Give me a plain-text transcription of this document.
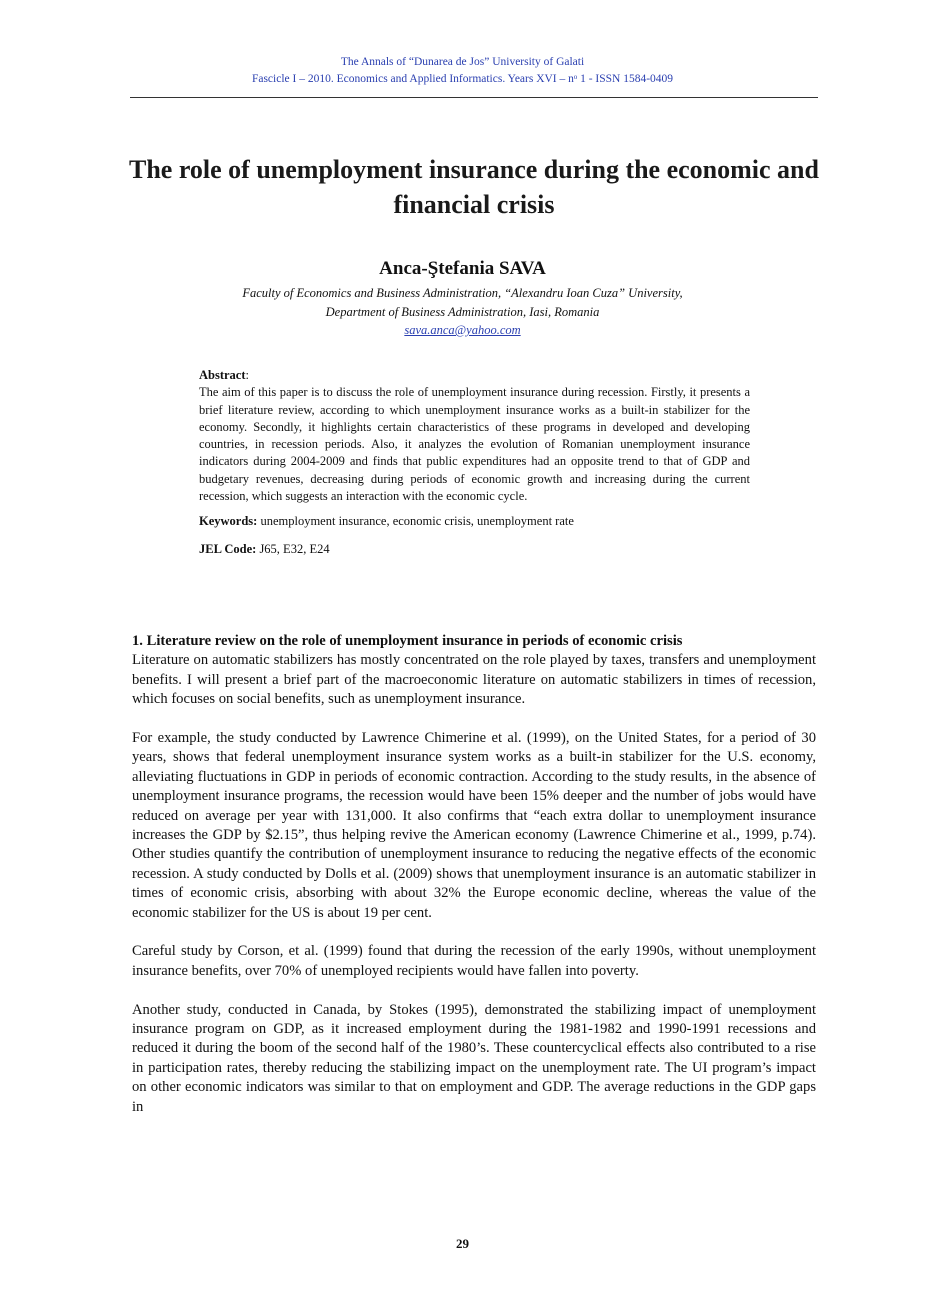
The Annals of “Dunarea de Jos” University of Galati
Fascicle I – 2010. Economics and Applied Informatics. Years XVI – nᵒ 1 - ISSN 1584-0409
The role of unemployment insurance during the economic and financial crisis
Anca-Ştefania SAVA
Faculty of Economics and Business Administration, “Alexandru Ioan Cuza” University,
Department of Business Administration, Iasi, Romania
sava.anca@yahoo.com

Abstract:

The aim of this paper is to discuss the role of unemployment insurance during recession. Firstly, it presents a brief literature review, according to which unemployment insurance works as a built-in stabilizer for the economy. Secondly, it highlights certain characteristics of these programs in developed and developing countries, in recession periods. Also, it analyzes the evolution of Romanian unemployment insurance indicators during 2004-2009 and finds that public expenditures had an opposite trend to that of GDP and budgetary revenues, decreasing during periods of economic growth and increasing during the current recession, which suggests an interaction with the economic cycle.

Keywords: unemployment insurance, economic crisis, unemployment rate

JEL Code: J65, E32, E24

1. Literature review on the role of unemployment insurance in periods of economic crisis

Literature on automatic stabilizers has mostly concentrated on the role played by taxes, transfers and unemployment benefits. I will present a brief part of the macroeconomic literature on automatic stabilizers in times of recession, which focuses on social benefits, such as unemployment insurance.

For example, the study conducted by Lawrence Chimerine et al. (1999), on the United States, for a period of 30 years, shows that federal unemployment insurance system works as a built-in stabilizer for the U.S. economy, alleviating fluctuations in GDP in periods of economic contraction. According to the study results, in the absence of unemployment insurance programs, the recession would have been 15% deeper and the number of jobs would have reduced on average per year with 131,000. It also confirms that “each extra dollar to unemployment insurance increases the GDP by $2.15”, thus helping revive the American economy (Lawrence Chimerine et al., 1999, p.74). Other studies quantify the contribution of unemployment insurance to reducing the negative effects of the economic recession. A study conducted by Dolls et al. (2009) shows that unemployment insurance is an automatic stabilizer in times of economic crisis, absorbing with about 32% the Europe economic decline, whereas the value of the economic stabilizer for the US is about 19 per cent.

Careful study by Corson, et al. (1999) found that during the recession of the early 1990s, without unemployment insurance benefits, over 70% of unemployed recipients would have fallen into poverty.

Another study, conducted in Canada, by Stokes (1995), demonstrated the stabilizing impact of unemployment insurance program on GDP, as it increased employment during the 1981-1982 and 1990-1991 recessions and reduced it during the boom of the second half of the 1980’s. These countercyclical effects also contributed to a rise in participation rates, thereby reducing the stabilizing impact on the unemployment rate. The UI program’s impact on other economic indicators was similar to that on employment and GDP. The average reductions in the GDP gaps in

29
